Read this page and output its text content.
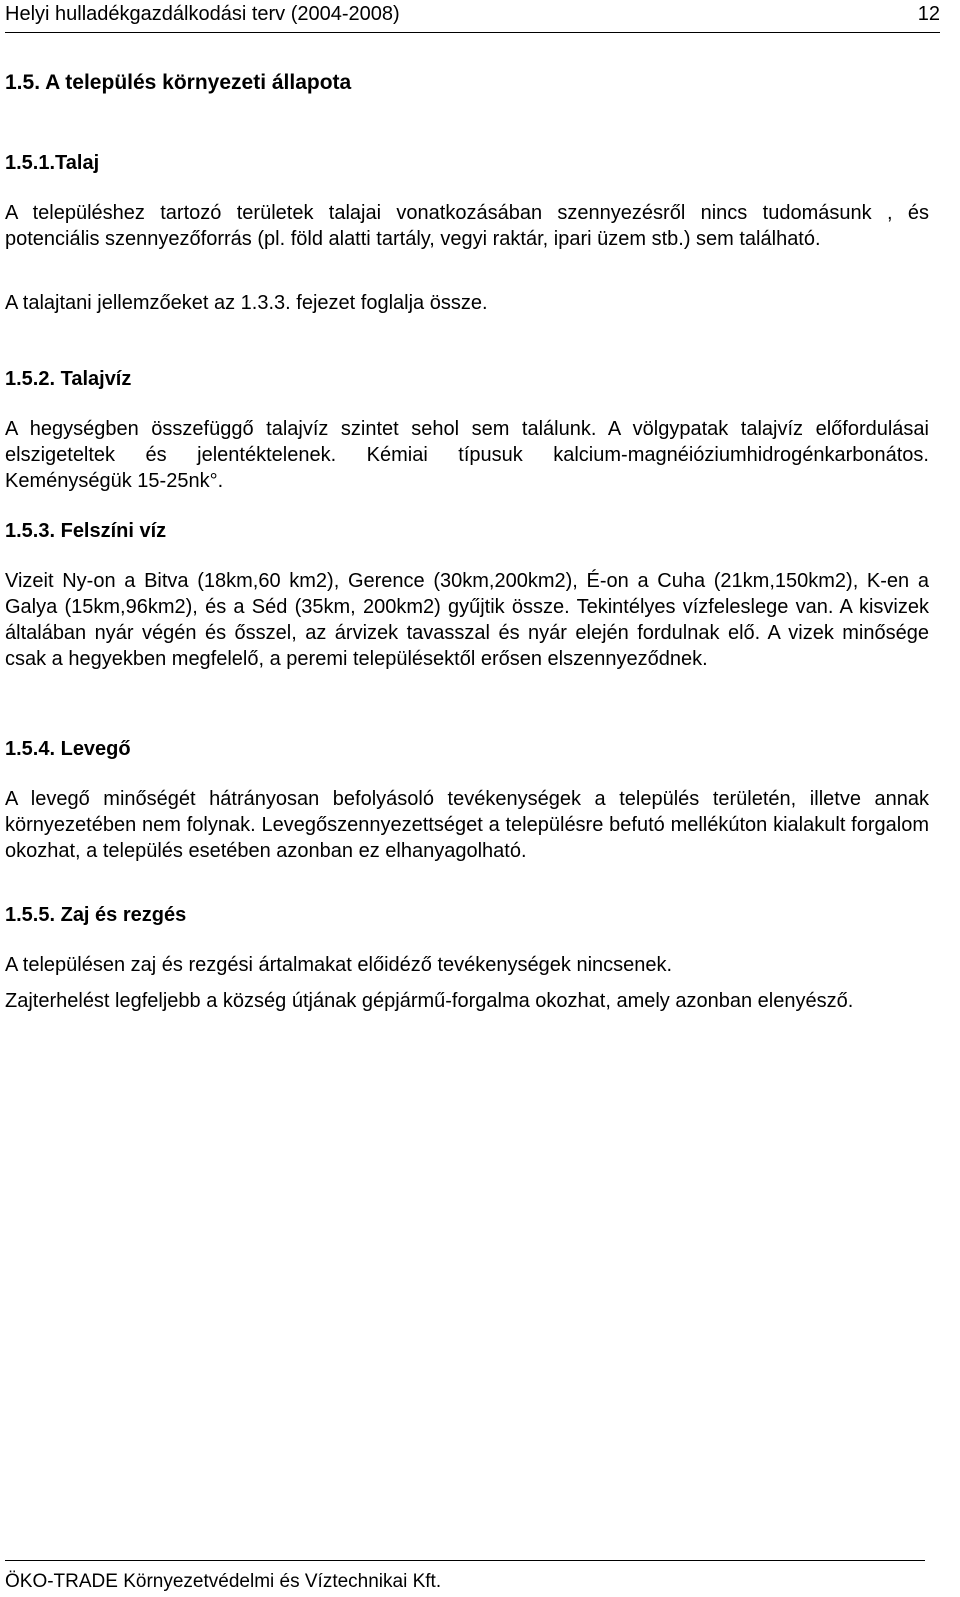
Helyi hulladékgazdálkodási terv (2004-2008)	12
1.5. A település környezeti állapota
1.5.1.Talaj

A településhez tartozó területek talajai vonatkozásában szennyezésről nincs tudomásunk , és potenciális szennyezőforrás (pl. föld alatti tartály, vegyi raktár, ipari üzem stb.) sem található.

A talajtani jellemzőeket az 1.3.3. fejezet foglalja össze.

1.5.2. Talajvíz

A hegységben összefüggő talajvíz szintet sehol sem találunk. A völgypatak talajvíz előfordulásai elszigeteltek és jelentéktelenek. Kémiai típusuk kalcium-magnéióziumhidrogénkarbonátos. Keménységük 15-25nk°.

1.5.3. Felszíni víz

Vizeit Ny-on a Bitva (18km,60 km2), Gerence (30km,200km2), É-on a Cuha (21km,150km2), K-en a Galya (15km,96km2), és a Séd (35km, 200km2) gyűjtik össze. Tekintélyes vízfeleslege van. A kisvizek általában nyár végén és ősszel, az árvizek tavasszal és nyár elején fordulnak elő. A vizek minősége csak a hegyekben megfelelő, a peremi településektől erősen elszennyeződnek.

1.5.4. Levegő

A levegő minőségét hátrányosan befolyásoló tevékenységek a település területén, illetve annak környezetében nem folynak. Levegőszennyezettséget a településre befutó mellékúton kialakult forgalom okozhat, a település esetében azonban ez elhanyagolható.

1.5.5. Zaj és rezgés

A településen zaj és rezgési ártalmakat előidéző tevékenységek nincsenek.

Zajterhelést legfeljebb a község útjának gépjármű-forgalma okozhat, amely azonban elenyésző.

ÖKO-TRADE Környezetvédelmi és Víztechnikai Kft.
